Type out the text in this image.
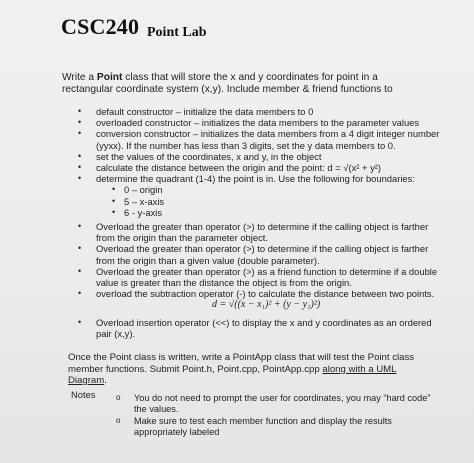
CSC240 Point Lab
Write a Point class that will store the x and y coordinates for point in a rectangular coordinate system (x,y). Include member & friend functions to
• default constructor – initialize the data members to 0
• overloaded constructor – initializes the data members to the parameter values
• conversion constructor – initializes the data members from a 4 digit integer number (yyxx). If the number has less than 3 digits, set the y data members to 0.
• set the values of the coordinates, x and y, in the object
• calculate the distance between the origin and the point: d = √(x² + y²)
• determine the quadrant (1-4) the point is in. Use the following for boundaries:
• 0 – origin
• 5 – x-axis
• 6 - y-axis
• Overload the greater than operator (>) to determine if the calling object is farther from the origin than the parameter object.
• Overload the greater than operator (>) to determine if the calling object is farther from the origin than a given value (double parameter).
• Overload the greater than operator (>) as a friend function to determine if a double value is greater than the distance the object is from the origin.
• overload the subtraction operator (-) to calculate the distance between two points.
d = √((x − x₁)² + (y − y₁)²)
• Overload insertion operator (<<) to display the x and y coordinates as an ordered pair (x,y).
Once the Point class is written, write a PointApp class that will test the Point class member functions. Submit Point.h, Point.cpp, PointApp.cpp along with a UML Diagram.
Notes	o You do not need to prompt the user for coordinates, you may “hard code” the values.
o Make sure to test each member function and display the results appropriately labeled
